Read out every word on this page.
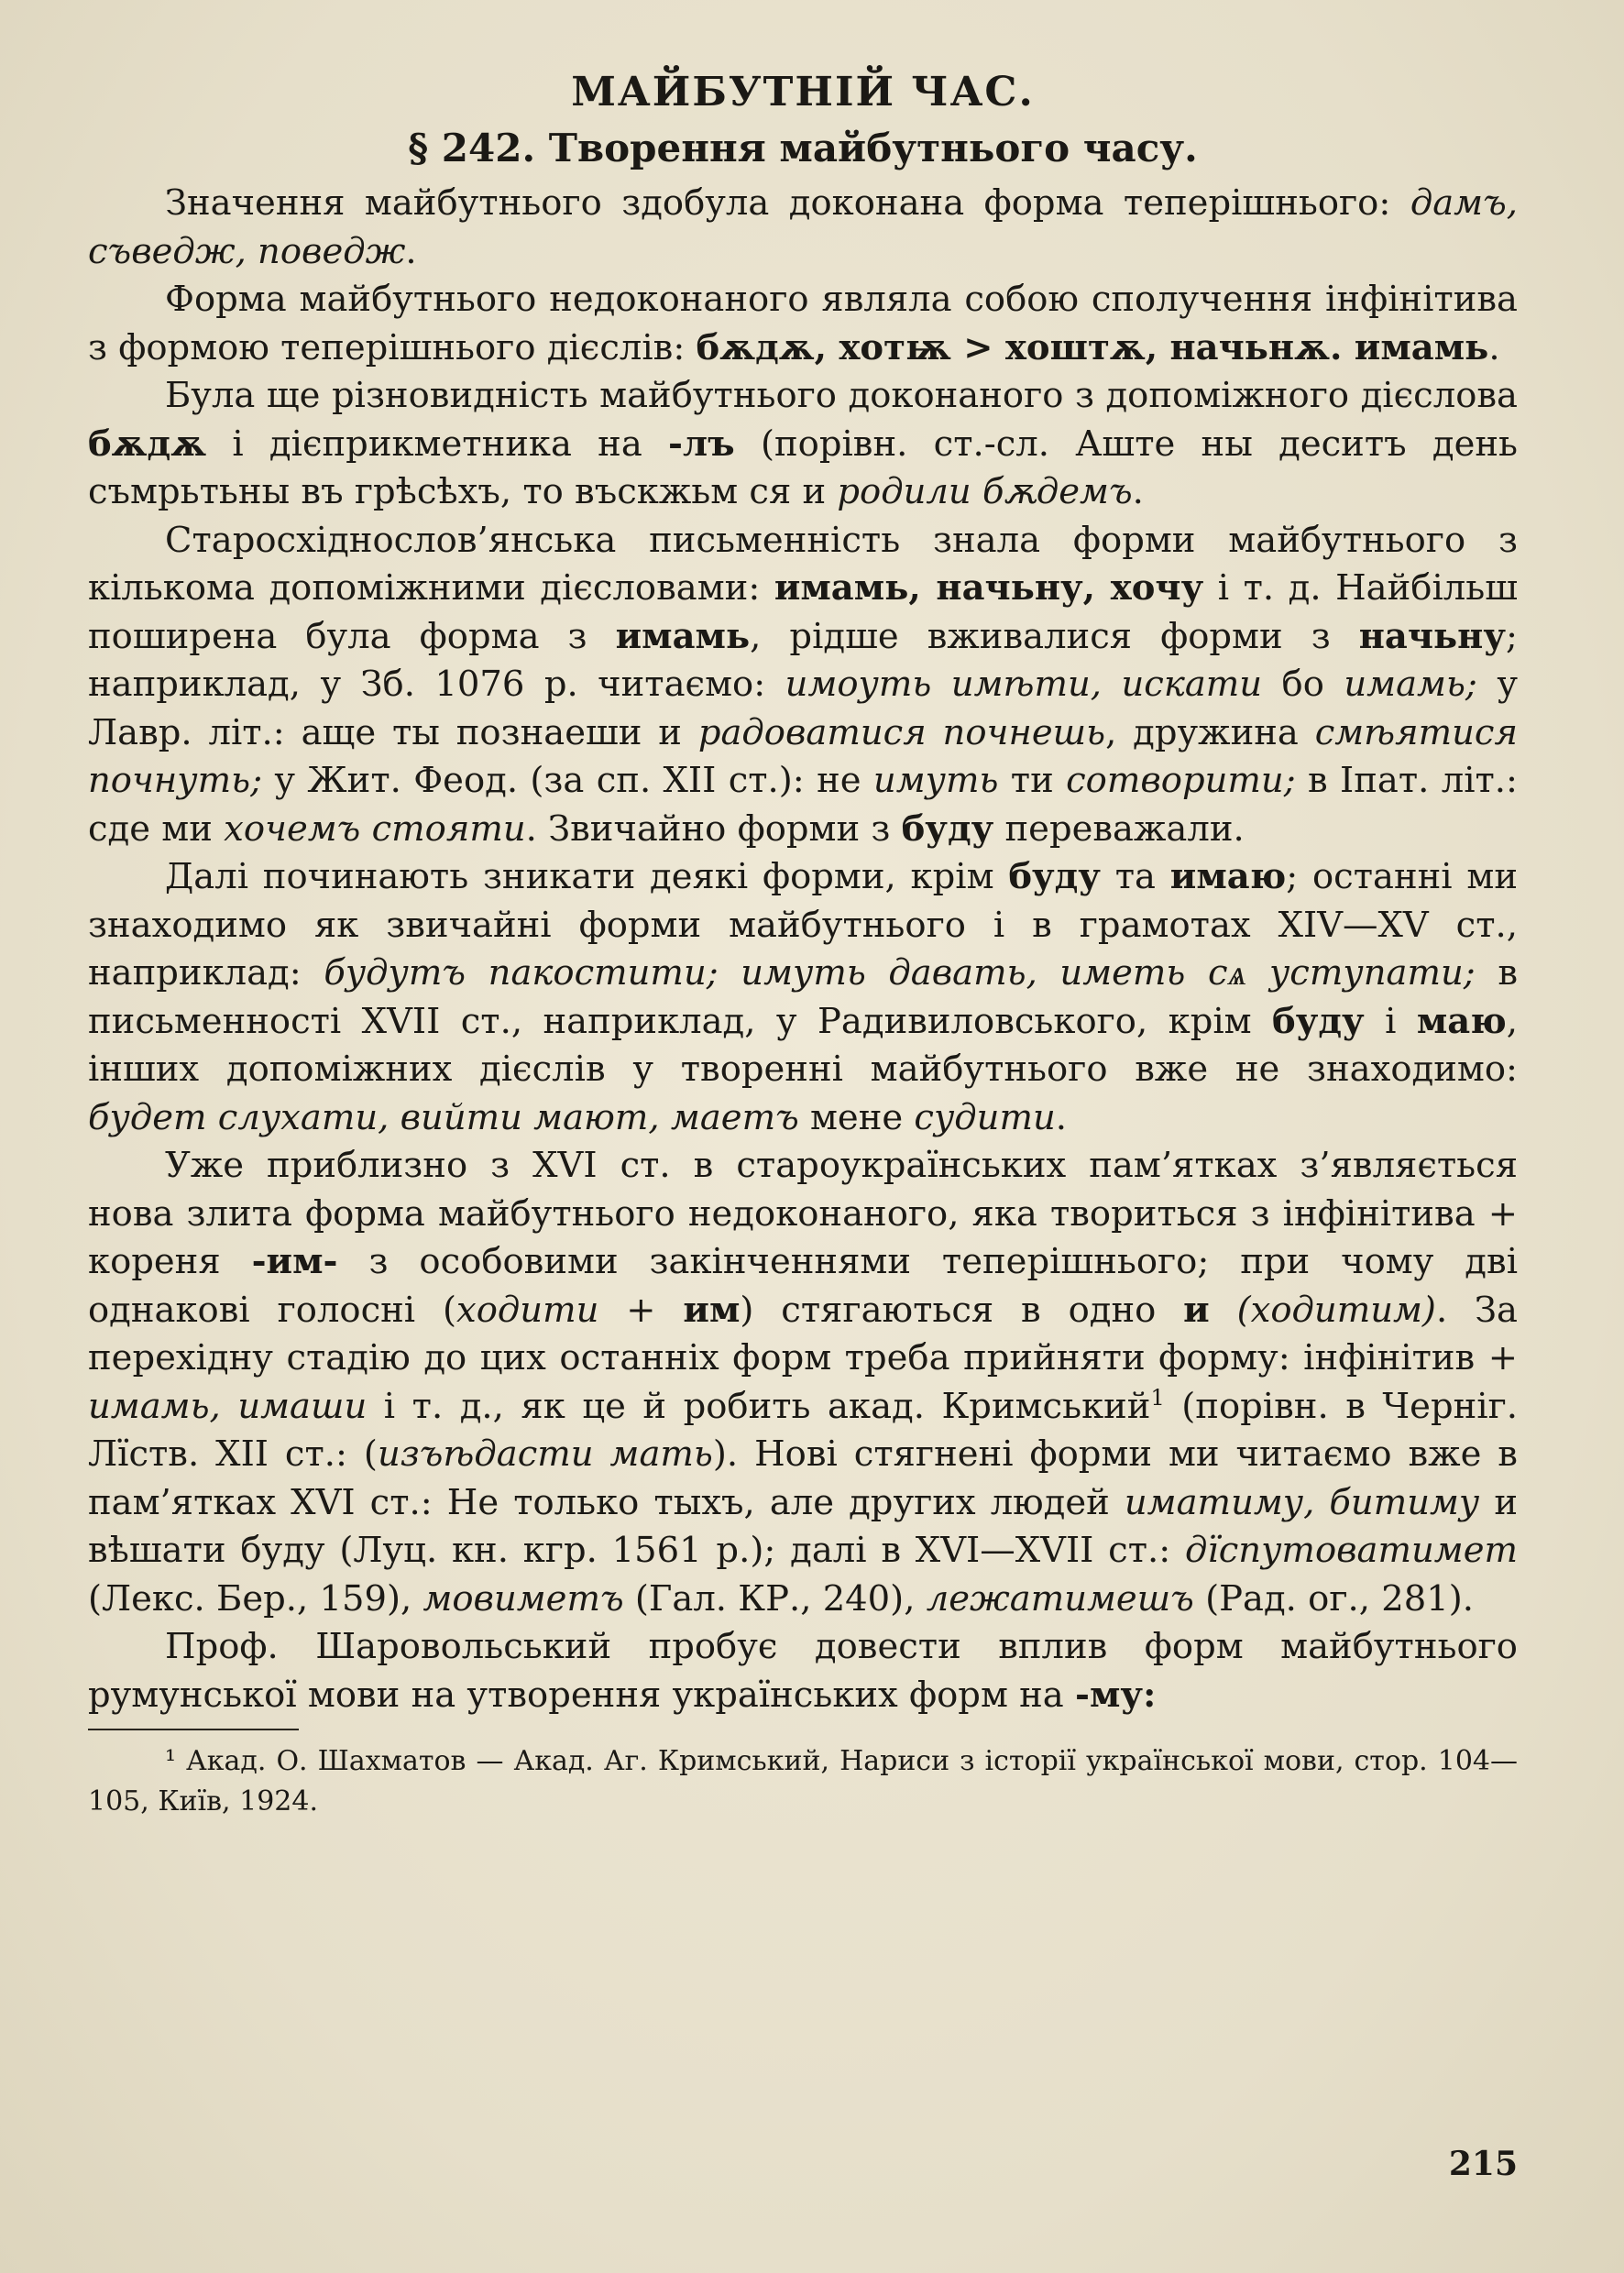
МАЙБУТНІЙ ЧАС.
§ 242. Творення майбутнього часу.

Значення майбутнього здобула доконана форма теперішнього: дамъ, съведж, поведж.

Форма майбутнього недоконаного являла собою сполучення інфінітива з формою теперішнього дієслів: бѫдѫ, хотѭ > хоштѫ, начьнѫ. имамь.

Була ще різновидність майбутнього доконаного з допоміжного дієслова бѫдѫ і дієприкметника на -лъ (порівн. ст.-сл. Аште ны деситъ день съмрьтьны въ грѣсѣхъ, то въскжьм ся и родили бѫдемъ.

Старосхіднослов’янська письменність знала форми майбутнього з кількома допоміжними дієсловами: имамь, начьну, хочу і т. д. Найбільш поширена була форма з имамь, рідше вживалися форми з начьну; наприклад, у Зб. 1076 р. читаємо: имоуть имѣти, искати бо имамь; у Лавр. літ.: аще ты познаеши и радоватися почнешь, дружина смѣятися почнуть; у Жит. Феод. (за сп. XII ст.): не имуть ти сотворити; в Іпат. літ.: сде ми хочемъ стояти. Звичайно форми з буду переважали.

Далі починають зникати деякі форми, крім буду та имаю; останні ми знаходимо як звичайні форми майбутнього і в грамотах XIV—XV ст., наприклад: будутъ пакостити; имуть давать, иметь сѧ уступати; в письменності XVII ст., наприклад, у Радивиловського, крім буду і маю, інших допоміжних дієслів у творенні майбутнього вже не знаходимо: будет слухати, вийти мают, маетъ мене судити.

Уже приблизно з XVI ст. в староукраїнських пам’ятках з’являється нова злита форма майбутнього недоконаного, яка твориться з інфінітива + кореня -им- з особовими закінченнями теперішнього; при чому дві однакові голосні (ходити + им) стягаються в одно и (ходитим). За перехідну стадію до цих останніх форм треба прийняти форму: інфінітив + имамь, имаши і т. д., як це й робить акад. Кримський$^1$ (порівн. в Черніг. Лїств. XII ст.: (изъѣдасти мать). Нові стягнені форми ми читаємо вже в пам’ятках XVI ст.: Не только тыхъ, але других людей иматиму, битиму и вѣшати буду (Луц. кн. кгр. 1561 р.); далі в XVI—XVII ст.: дїспутоватимет (Лекс. Бер., 159), мовиметъ (Гал. КР., 240), лежатимешъ (Рад. ог., 281).

Проф. Шаровольський пробує довести вплив форм майбутнього румунської мови на утворення українських форм на -му:

¹ Акад. О. Шахматов — Акад. Аг. Кримський, Нариси з історії української мови, стор. 104—105, Київ, 1924.

215
